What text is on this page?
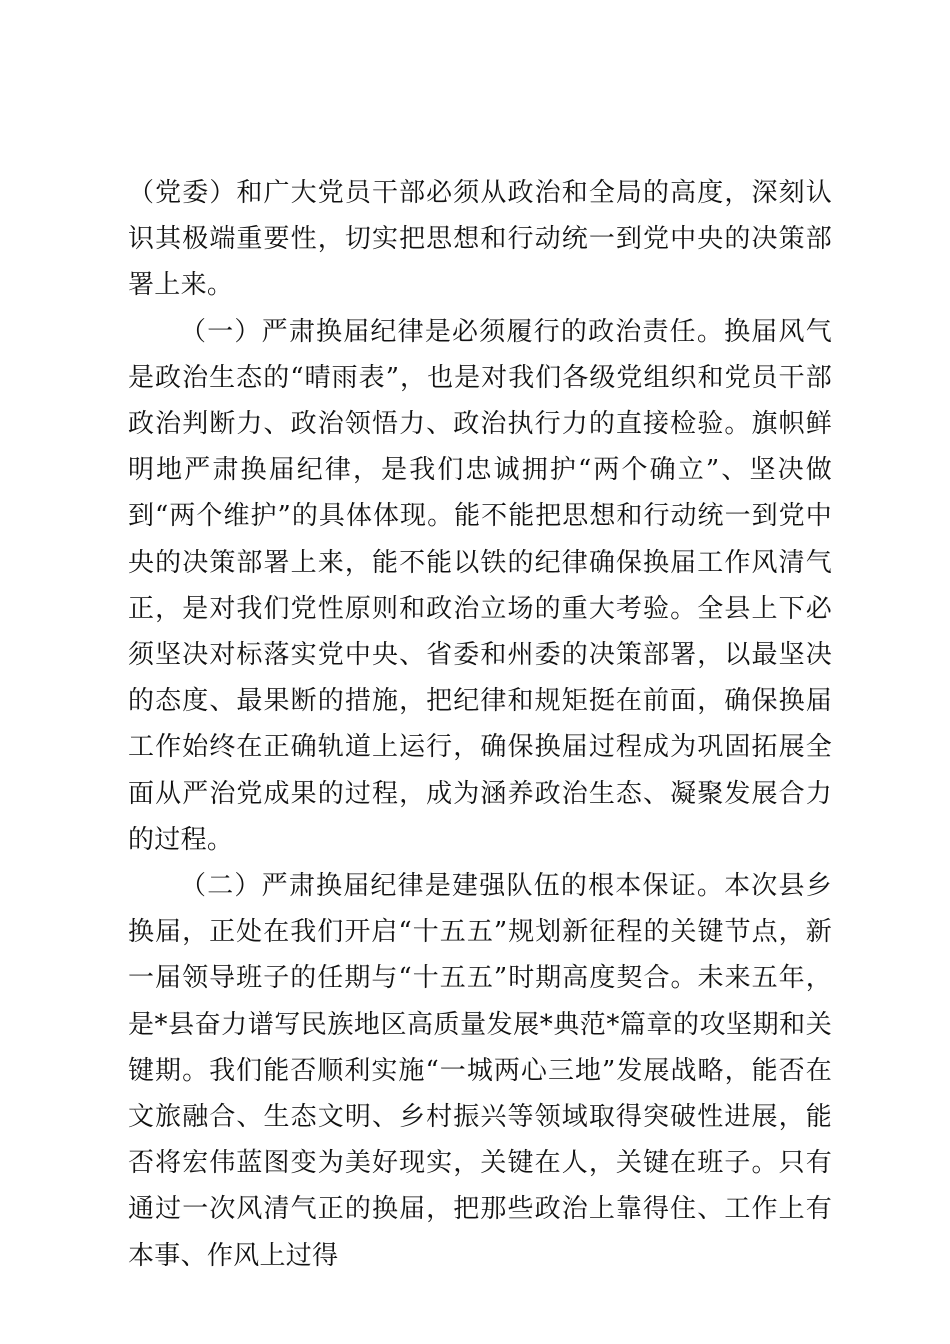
（党委）和广大党员干部必须从政治和全局的高度，深刻认识其极端重要性，切实把思想和行动统一到党中央的决策部署上来。

（一）严肃换届纪律是必须履行的政治责任。换届风气是政治生态的“晴雨表”，也是对我们各级党组织和党员干部政治判断力、政治领悟力、政治执行力的直接检验。旗帜鲜明地严肃换届纪律，是我们忠诚拥护“两个确立”、坚决做到“两个维护”的具体体现。能不能把思想和行动统一到党中央的决策部署上来，能不能以铁的纪律确保换届工作风清气正，是对我们党性原则和政治立场的重大考验。全县上下必须坚决对标落实党中央、省委和州委的决策部署，以最坚决的态度、最果断的措施，把纪律和规矩挺在前面，确保换届工作始终在正确轨道上运行，确保换届过程成为巩固拓展全面从严治党成果的过程，成为涵养政治生态、凝聚发展合力的过程。

（二）严肃换届纪律是建强队伍的根本保证。本次县乡换届，正处在我们开启“十五五”规划新征程的关键节点，新一届领导班子的任期与“十五五”时期高度契合。未来五年，是*县奋力谱写民族地区高质量发展*典范*篇章的攻坚期和关键期。我们能否顺利实施“一城两心三地”发展战略，能否在文旅融合、生态文明、乡村振兴等领域取得突破性进展，能否将宏伟蓝图变为美好现实，关键在人，关键在班子。只有通过一次风清气正的换届，把那些政治上靠得住、工作上有本事、作风上过得
